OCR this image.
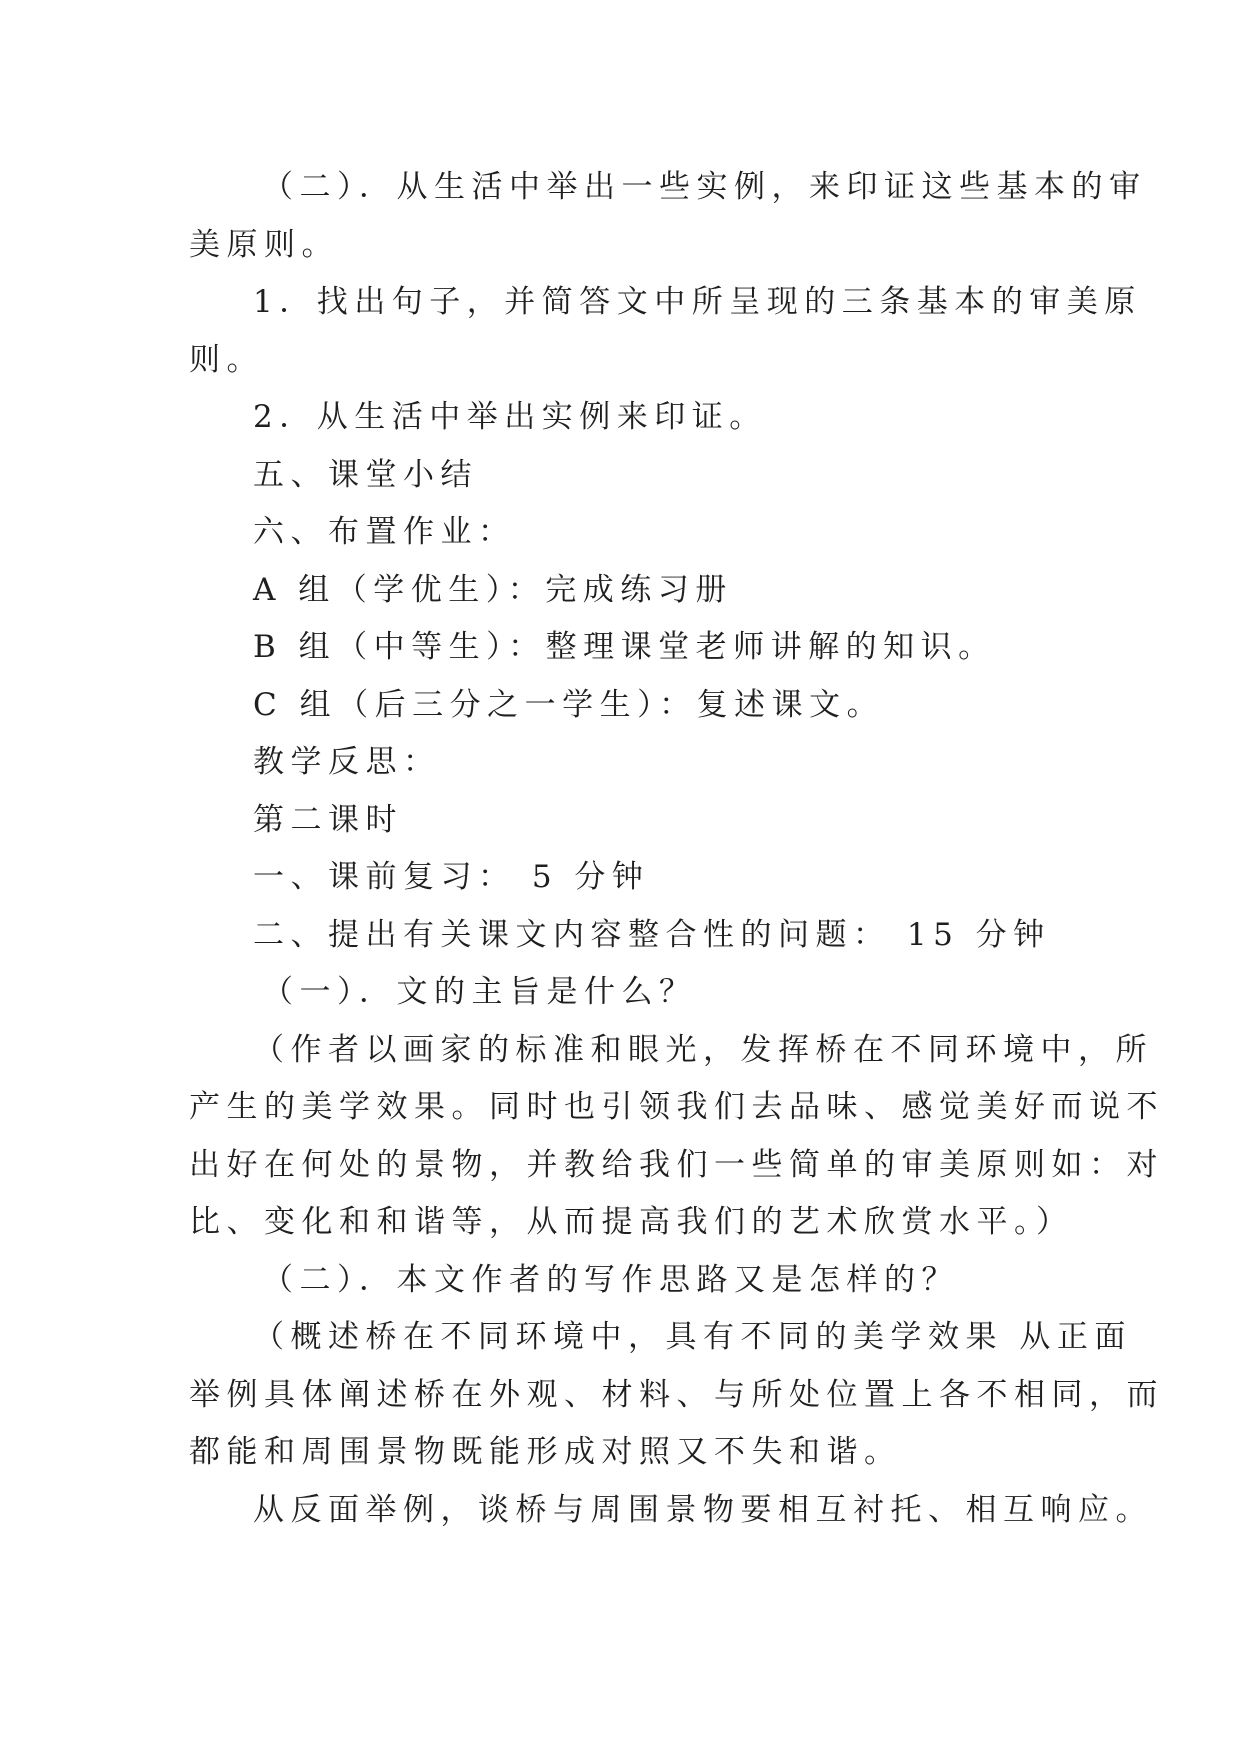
（二）．从生活中举出一些实例，来印证这些基本的审
美原则。
1．找出句子，并简答文中所呈现的三条基本的审美原
则。
2．从生活中举出实例来印证。
五、课堂小结
六、布置作业：
A 组（学优生）：完成练习册
B 组（中等生）：整理课堂老师讲解的知识。
C 组（后三分之一学生）：复述课文。
教学反思：
第二课时
一、课前复习： 5 分钟
二、提出有关课文内容整合性的问题： 15 分钟
（一）．文的主旨是什么？
（作者以画家的标准和眼光，发挥桥在不同环境中，所
产生的美学效果。同时也引领我们去品味、感觉美好而说不
出好在何处的景物，并教给我们一些简单的审美原则如：对
比、变化和和谐等，从而提高我们的艺术欣赏水平。）
（二）．本文作者的写作思路又是怎样的？
（概述桥在不同环境中，具有不同的美学效果 从正面
举例具体阐述桥在外观、材料、与所处位置上各不相同，而
都能和周围景物既能形成对照又不失和谐。
从反面举例，谈桥与周围景物要相互衬托、相互响应。
